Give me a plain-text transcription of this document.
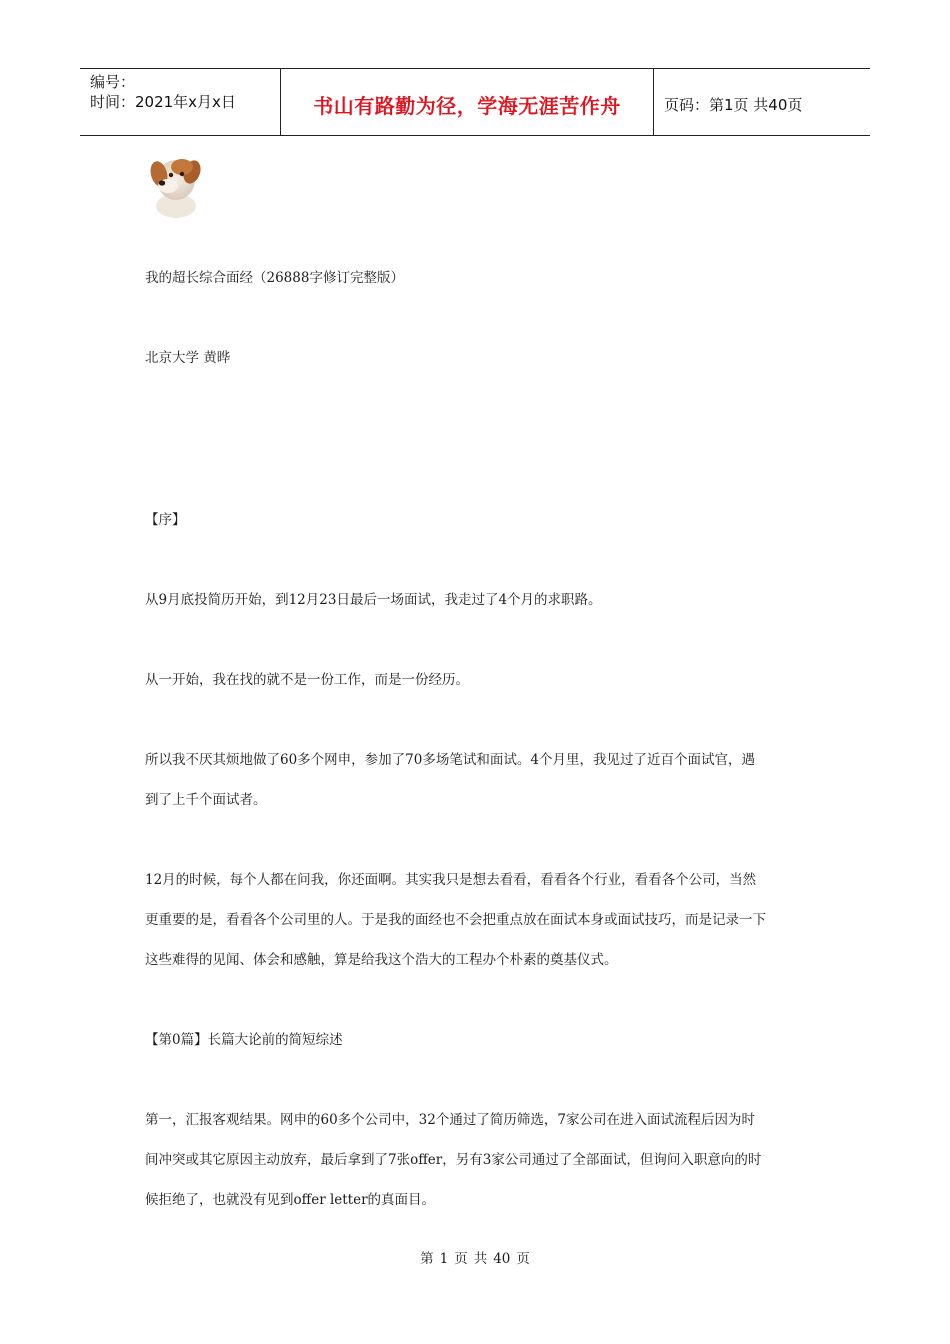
编号：
时间：2021年x月x日	书山有路勤为径，学海无涯苦作舟	页码：第1页 共40页
我的超长综合面经（26888字修订完整版）
北京大学 黄晔
【序】
从9月底投简历开始，到12月23日最后一场面试，我走过了4个月的求职路。
从一开始，我在找的就不是一份工作，而是一份经历。
所以我不厌其烦地做了60多个网申，参加了70多场笔试和面试。4个月里，我见过了近百个面试官，遇
到了上千个面试者。
12月的时候，每个人都在问我，你还面啊。其实我只是想去看看，看看各个行业，看看各个公司，当然
更重要的是，看看各个公司里的人。于是我的面经也不会把重点放在面试本身或面试技巧，而是记录一下
这些难得的见闻、体会和感触，算是给我这个浩大的工程办个朴素的奠基仪式。
【第0篇】长篇大论前的简短综述
第一，汇报客观结果。网申的60多个公司中，32个通过了简历筛选，7家公司在进入面试流程后因为时
间冲突或其它原因主动放弃，最后拿到了7张offer，另有3家公司通过了全部面试，但询问入职意向的时
候拒绝了，也就没有见到offer letter的真面目。
第 1 页 共 40 页
